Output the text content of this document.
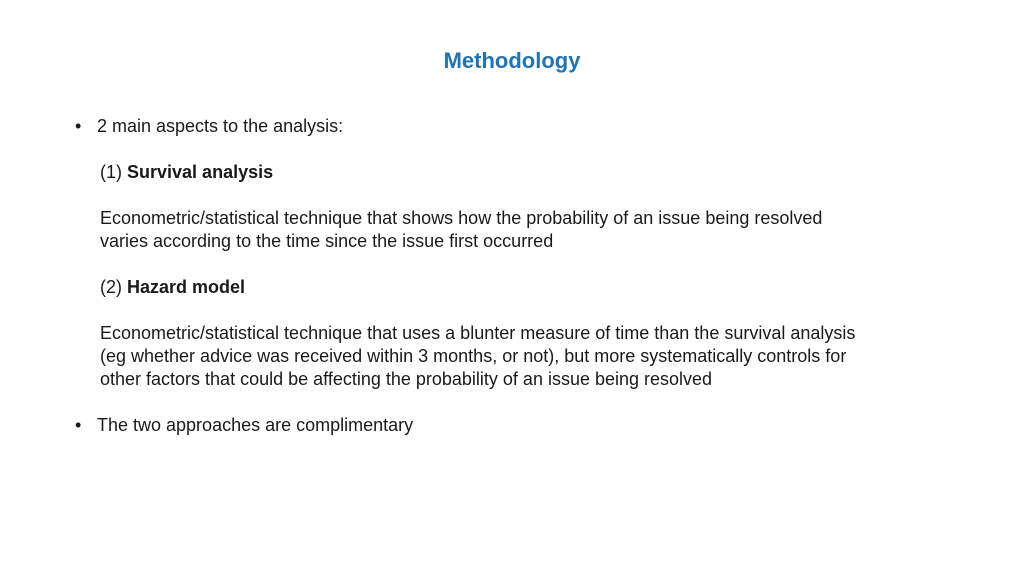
Methodology
• 2 main aspects to the analysis:
(1) Survival analysis
Econometric/statistical technique that shows how the probability of an issue being resolved
varies according to the time since the issue first occurred
(2) Hazard model
Econometric/statistical technique that uses a blunter measure of time than the survival analysis
(eg whether advice was received within 3 months, or not), but more systematically controls for
other factors that could be affecting the probability of an issue being resolved
• The two approaches are complimentary
